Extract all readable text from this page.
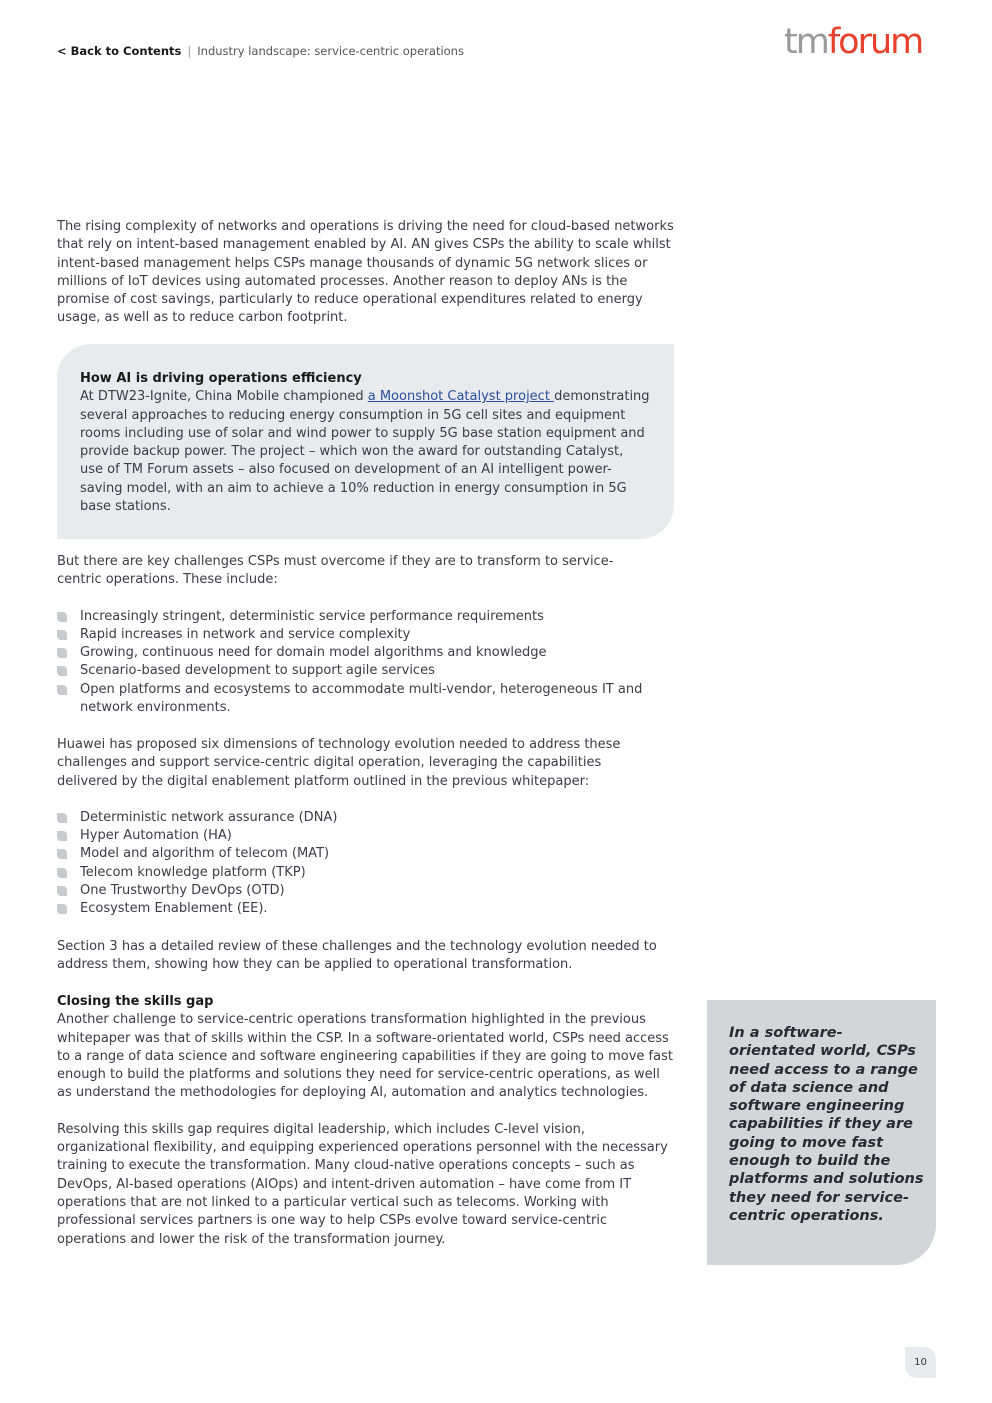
< Back to Contents | Industry landscape: service-centric operations	tmforum

The rising complexity of networks and operations is driving the need for cloud-based networks that rely on intent-based management enabled by AI. AN gives CSPs the ability to scale whilst intent-based management helps CSPs manage thousands of dynamic 5G network slices or millions of IoT devices using automated processes. Another reason to deploy ANs is the promise of cost savings, particularly to reduce operational expenditures related to energy usage, as well as to reduce carbon footprint.

How AI is driving operations efficiency

At DTW23-Ignite, China Mobile championed a Moonshot Catalyst project demonstrating several approaches to reducing energy consumption in 5G cell sites and equipment rooms including use of solar and wind power to supply 5G base station equipment and provide backup power. The project – which won the award for outstanding Catalyst, use of TM Forum assets – also focused on development of an AI intelligent power-saving model, with an aim to achieve a 10% reduction in energy consumption in 5G base stations.

But there are key challenges CSPs must overcome if they are to transform to service-centric operations. These include:

Increasingly stringent, deterministic service performance requirements
Rapid increases in network and service complexity
Growing, continuous need for domain model algorithms and knowledge
Scenario-based development to support agile services
Open platforms and ecosystems to accommodate multi-vendor, heterogeneous IT and network environments.

Huawei has proposed six dimensions of technology evolution needed to address these challenges and support service-centric digital operation, leveraging the capabilities delivered by the digital enablement platform outlined in the previous whitepaper:

Deterministic network assurance (DNA)
Hyper Automation (HA)
Model and algorithm of telecom (MAT)
Telecom knowledge platform (TKP)
One Trustworthy DevOps (OTD)
Ecosystem Enablement (EE).

Section 3 has a detailed review of these challenges and the technology evolution needed to address them, showing how they can be applied to operational transformation.

Closing the skills gap

Another challenge to service-centric operations transformation highlighted in the previous whitepaper was that of skills within the CSP. In a software-orientated world, CSPs need access to a range of data science and software engineering capabilities if they are going to move fast enough to build the platforms and solutions they need for service-centric operations, as well as understand the methodologies for deploying AI, automation and analytics technologies.

Resolving this skills gap requires digital leadership, which includes C-level vision, organizational flexibility, and equipping experienced operations personnel with the necessary training to execute the transformation. Many cloud-native operations concepts – such as DevOps, AI-based operations (AIOps) and intent-driven automation – have come from IT operations that are not linked to a particular vertical such as telecoms. Working with professional services partners is one way to help CSPs evolve toward service-centric operations and lower the risk of the transformation journey.

In a software-orientated world, CSPs need access to a range of data science and software engineering capabilities if they are going to move fast enough to build the platforms and solutions they need for service-centric operations.

10
